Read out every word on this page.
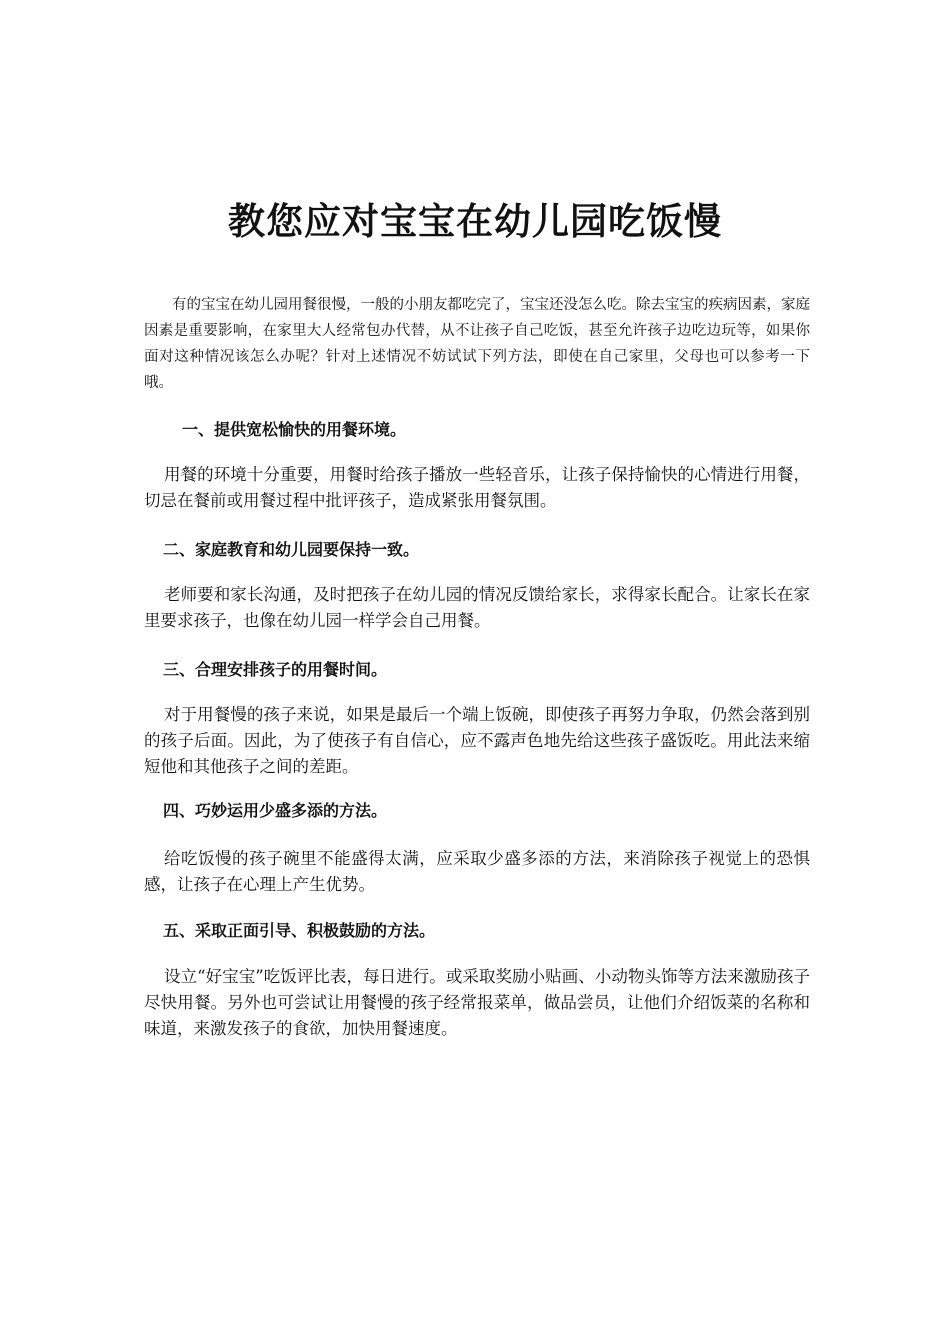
教您应对宝宝在幼儿园吃饭慢

有的宝宝在幼儿园用餐很慢，一般的小朋友都吃完了，宝宝还没怎么吃。除去宝宝的疾病因素，家庭因素是重要影响，在家里大人经常包办代替，从不让孩子自己吃饭，甚至允许孩子边吃边玩等，如果你面对这种情况该怎么办呢？针对上述情况不妨试试下列方法，即使在自己家里，父母也可以参考一下哦。

一、提供宽松愉快的用餐环境。

用餐的环境十分重要，用餐时给孩子播放一些轻音乐，让孩子保持愉快的心情进行用餐，切忌在餐前或用餐过程中批评孩子，造成紧张用餐氛围。

二、家庭教育和幼儿园要保持一致。

老师要和家长沟通，及时把孩子在幼儿园的情况反馈给家长，求得家长配合。让家长在家里要求孩子，也像在幼儿园一样学会自己用餐。

三、合理安排孩子的用餐时间。

对于用餐慢的孩子来说，如果是最后一个端上饭碗，即使孩子再努力争取，仍然会落到别的孩子后面。因此，为了使孩子有自信心，应不露声色地先给这些孩子盛饭吃。用此法来缩短他和其他孩子之间的差距。

四、巧妙运用少盛多添的方法。

给吃饭慢的孩子碗里不能盛得太满，应采取少盛多添的方法，来消除孩子视觉上的恐惧感，让孩子在心理上产生优势。

五、采取正面引导、积极鼓励的方法。

设立“好宝宝”吃饭评比表，每日进行。或采取奖励小贴画、小动物头饰等方法来激励孩子尽快用餐。另外也可尝试让用餐慢的孩子经常报菜单，做品尝员，让他们介绍饭菜的名称和味道，来激发孩子的食欲，加快用餐速度。
